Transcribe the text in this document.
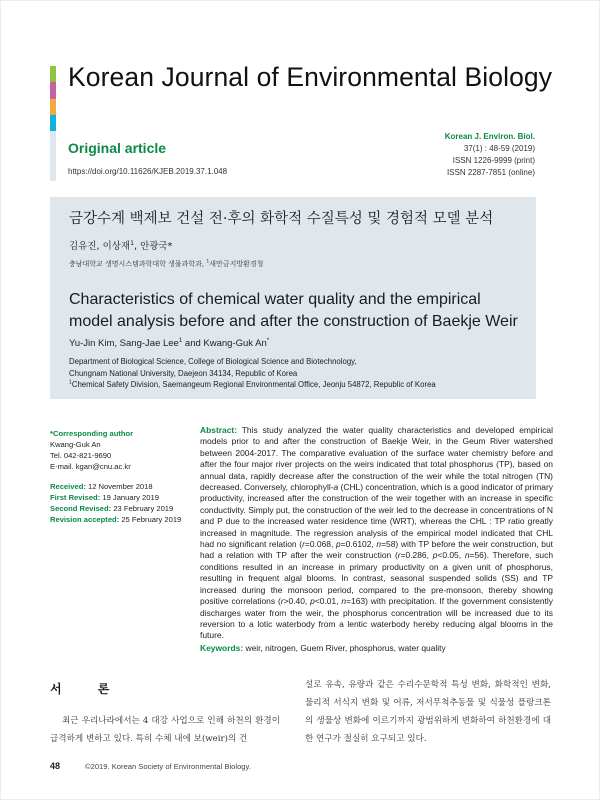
Korean Journal of Environmental Biology
Original article
https://doi.org/10.11626/KJEB.2019.37.1.048
Korean J. Environ. Biol.
37(1) : 48-59 (2019)
ISSN 1226-9999 (print)
ISSN 2287-7851 (online)
금강수계 백제보 건설 전·후의 화학적 수질특성 및 경험적 모델 분석
김유진, 이상재$^1$, 안광국*
충남대학교 생명시스템과학대학 생물과학과, $^1$새만금지방환경청
Characteristics of chemical water quality and the empirical model analysis before and after the construction of Baekje Weir
Yu-Jin Kim, Sang-Jae Lee$^1$ and Kwang-Guk An*
Department of Biological Science, College of Biological Science and Biotechnology,
Chungnam National University, Daejeon 34134, Republic of Korea
$^1$Chemical Safety Division, Saemangeum Regional Environmental Office, Jeonju 54872, Republic of Korea
*Corresponding author
Kwang-Guk An
Tel. 042-821-9690
E-mail. kgan@cnu.ac.kr
Received: 12 November 2018
First Revised: 19 January 2019
Second Revised: 23 February 2019
Revision accepted: 25 February 2019
Abstract: This study analyzed the water quality characteristics and developed empirical models prior to and after the construction of Baekje Weir, in the Geum River watershed between 2004-2017. The comparative evaluation of the surface water chemistry before and after the four major river projects on the weirs indicated that total phosphorus (TP), based on annual data, rapidly decrease after the construction of the weir while the total nitrogen (TN) decreased. Conversely, chlorophyll-a (CHL) concentration, which is a good indicator of primary productivity, increased after the construction of the weir together with an increase in specific conductivity. Simply put, the construction of the weir led to the decrease in concentrations of N and P due to the increased water residence time (WRT), whereas the CHL : TP ratio greatly increased in magnitude. The regression analysis of the empirical model indicated that CHL had no significant relation (r=0.068, p=0.6102, n=58) with TP before the weir construction, but had a relation with TP after the weir construction (r=0.286, p<0.05, n=56). Therefore, such conditions resulted in an increase in primary productivity on a given unit of phosphorus, resulting in frequent algal blooms. In contrast, seasonal suspended solids (SS) and TP increased during the monsoon period, compared to the pre-monsoon, thereby showing positive correlations (r>0.40, p<0.01, n=163) with precipitation. If the government consistently discharges water from the weir, the phosphorus concentration will be increased due to its reversion to a lotic waterbody from a lentic waterbody hereby reducing algal blooms in the future.
Keywords: weir, nitrogen, Guem River, phosphorus, water quality
서 론
최근 우리나라에서는 4 대강 사업으로 인해 하천의 환경이 급격하게 변하고 있다. 특히 수체 내에 보(weir)의 건
설로 유속, 유량과 같은 수리수문학적 특성 변화, 화학적인 변화, 물리적 서식지 변화 및 어류, 저서무척추동물 및 식물성 플랑크톤의 생물상 변화에 이르기까지 광범위하게 변화하여 하천환경에 대한 연구가 절실히 요구되고 있다.
48	©2019. Korean Society of Environmental Biology.
